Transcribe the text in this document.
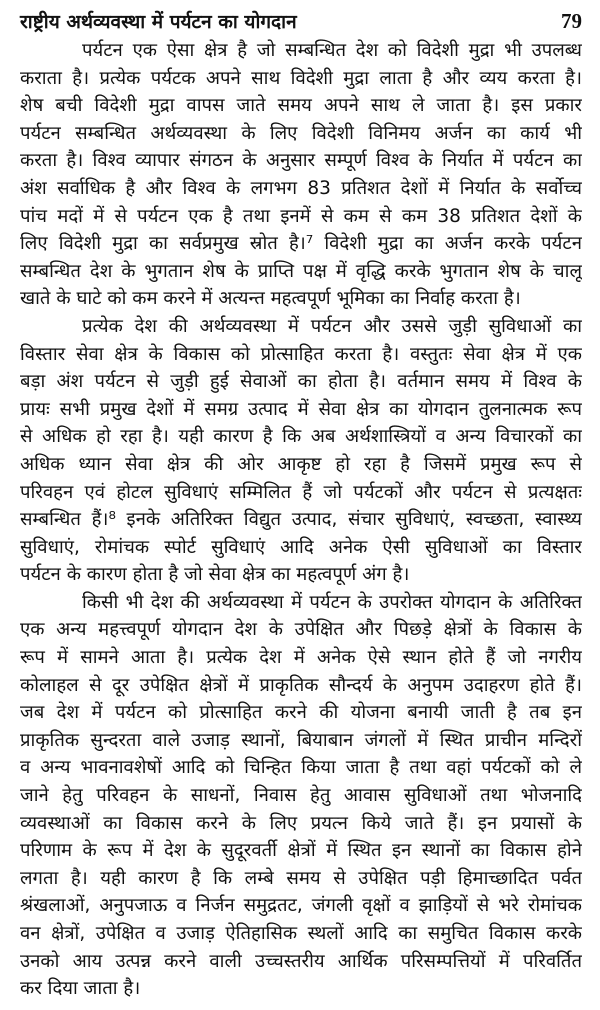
राष्ट्रीय अर्थव्यवस्था में पर्यटन का योगदान	79
पर्यटन एक ऐसा क्षेत्र है जो सम्बन्धित देश को विदेशी मुद्रा भी उपलब्ध
कराता है। प्रत्येक पर्यटक अपने साथ विदेशी मुद्रा लाता है और व्यय करता है।
शेष बची विदेशी मुद्रा वापस जाते समय अपने साथ ले जाता है। इस प्रकार
पर्यटन सम्बन्धित अर्थव्यवस्था के लिए विदेशी विनिमय अर्जन का कार्य भी
करता है। विश्व व्यापार संगठन के अनुसार सम्पूर्ण विश्व के निर्यात में पर्यटन का
अंश सर्वाधिक है और विश्व के लगभग 83 प्रतिशत देशों में निर्यात के सर्वोच्च
पांच मदों में से पर्यटन एक है तथा इनमें से कम से कम 38 प्रतिशत देशों के
लिए विदेशी मुद्रा का सर्वप्रमुख स्रोत है।⁷ विदेशी मुद्रा का अर्जन करके पर्यटन
सम्बन्धित देश के भुगतान शेष के प्राप्ति पक्ष में वृद्धि करके भुगतान शेष के चालू
खाते के घाटे को कम करने में अत्यन्त महत्वपूर्ण भूमिका का निर्वाह करता है।
प्रत्येक देश की अर्थव्यवस्था में पर्यटन और उससे जुड़ी सुविधाओं का
विस्तार सेवा क्षेत्र के विकास को प्रोत्साहित करता है। वस्तुतः सेवा क्षेत्र में एक
बड़ा अंश पर्यटन से जुड़ी हुई सेवाओं का होता है। वर्तमान समय में विश्व के
प्रायः सभी प्रमुख देशों में समग्र उत्पाद में सेवा क्षेत्र का योगदान तुलनात्मक रूप
से अधिक हो रहा है। यही कारण है कि अब अर्थशास्त्रियों व अन्य विचारकों का
अधिक ध्यान सेवा क्षेत्र की ओर आकृष्ट हो रहा है जिसमें प्रमुख रूप से
परिवहन एवं होटल सुविधाएं सम्मिलित हैं जो पर्यटकों और पर्यटन से प्रत्यक्षतः
सम्बन्धित हैं।⁸ इनके अतिरिक्त विद्युत उत्पाद, संचार सुविधाएं, स्वच्छता, स्वास्थ्य
सुविधाएं, रोमांचक स्पोर्ट सुविधाएं आदि अनेक ऐसी सुविधाओं का विस्तार
पर्यटन के कारण होता है जो सेवा क्षेत्र का महत्वपूर्ण अंग है।
किसी भी देश की अर्थव्यवस्था में पर्यटन के उपरोक्त योगदान के अतिरिक्त
एक अन्य महत्त्वपूर्ण योगदान देश के उपेक्षित और पिछड़े क्षेत्रों के विकास के
रूप में सामने आता है। प्रत्येक देश में अनेक ऐसे स्थान होते हैं जो नगरीय
कोलाहल से दूर उपेक्षित क्षेत्रों में प्राकृतिक सौन्दर्य के अनुपम उदाहरण होते हैं।
जब देश में पर्यटन को प्रोत्साहित करने की योजना बनायी जाती है तब इन
प्राकृतिक सुन्दरता वाले उजाड़ स्थानों, बियाबान जंगलों में स्थित प्राचीन मन्दिरों
व अन्य भावनावशेषों आदि को चिन्हित किया जाता है तथा वहां पर्यटकों को ले
जाने हेतु परिवहन के साधनों, निवास हेतु आवास सुविधाओं तथा भोजनादि
व्यवस्थाओं का विकास करने के लिए प्रयत्न किये जाते हैं। इन प्रयासों के
परिणाम के रूप में देश के सुदूरवर्ती क्षेत्रों में स्थित इन स्थानों का विकास होने
लगता है। यही कारण है कि लम्बे समय से उपेक्षित पड़ी हिमाच्छादित पर्वत
श्रंखलाओं, अनुपजाऊ व निर्जन समुद्रतट, जंगली वृक्षों व झाड़ियों से भरे रोमांचक
वन क्षेत्रों, उपेक्षित व उजाड़ ऐतिहासिक स्थलों आदि का समुचित विकास करके
उनको आय उत्पन्न करने वाली उच्चस्तरीय आर्थिक परिसम्पत्तियों में परिवर्तित
कर दिया जाता है।
